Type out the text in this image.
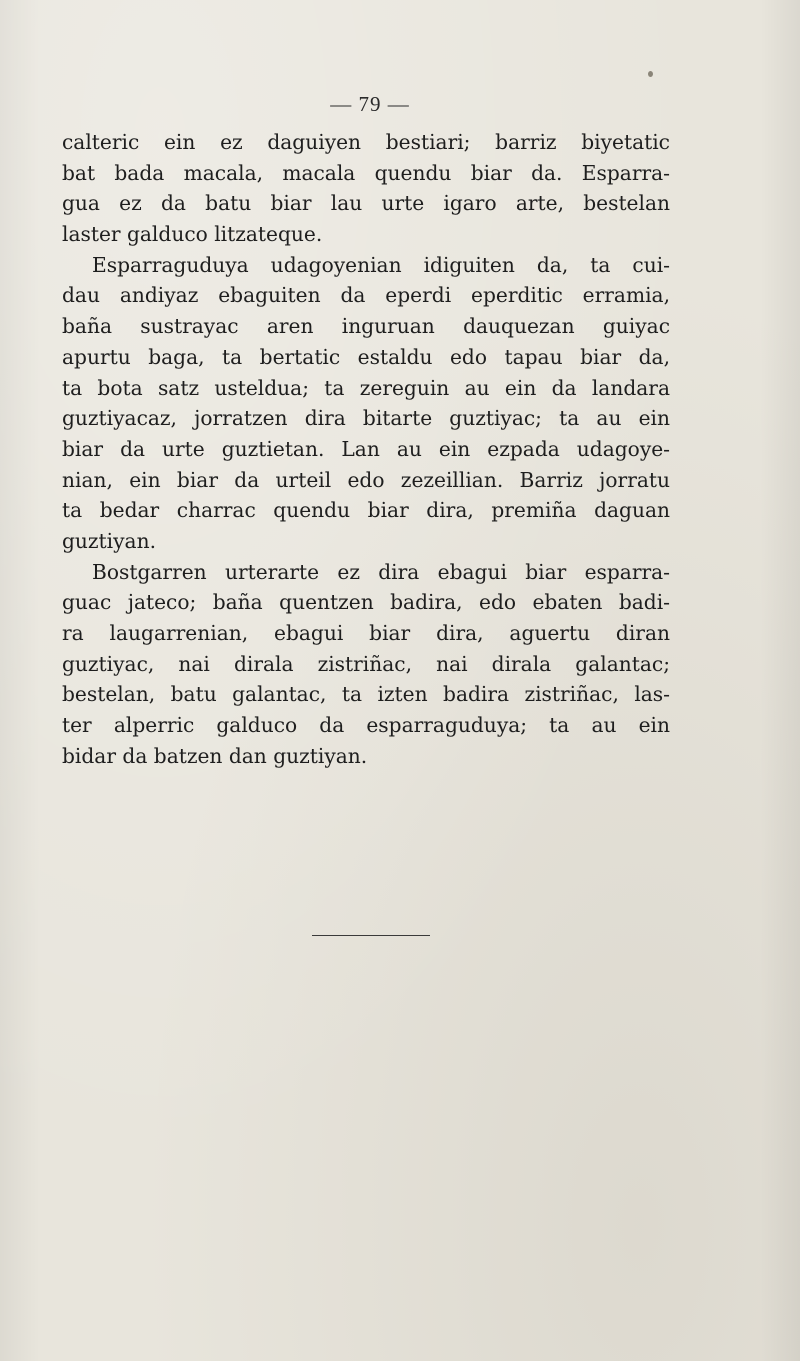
— 79 —
calteric ein ez daguiyen bestiari; barriz biyetatic
bat bada macala, macala quendu biar da. Esparra-
gua ez da batu biar lau urte igaro arte, bestelan
laster galduco litzateque.
Esparraguduya udagoyenian idiguiten da, ta cui-
dau andiyaz ebaguiten da eperdi eperditic erramia,
baña sustrayac aren inguruan dauquezan guiyac
apurtu baga, ta bertatic estaldu edo tapau biar da,
ta bota satz usteldua; ta zereguin au ein da landara
guztiyacaz, jorratzen dira bitarte guztiyac; ta au ein
biar da urte guztietan. Lan au ein ezpada udagoye-
nian, ein biar da urteil edo zezeillian. Barriz jorratu
ta bedar charrac quendu biar dira, premiña daguan
guztiyan.
Bostgarren urterarte ez dira ebagui biar esparra-
guac jateco; baña quentzen badira, edo ebaten badi-
ra laugarrenian, ebagui biar dira, aguertu diran
guztiyac, nai dirala zistriñac, nai dirala galantac;
bestelan, batu galantac, ta izten badira zistriñac, las-
ter alperric galduco da esparraguduya; ta au ein
bidar da batzen dan guztiyan.
